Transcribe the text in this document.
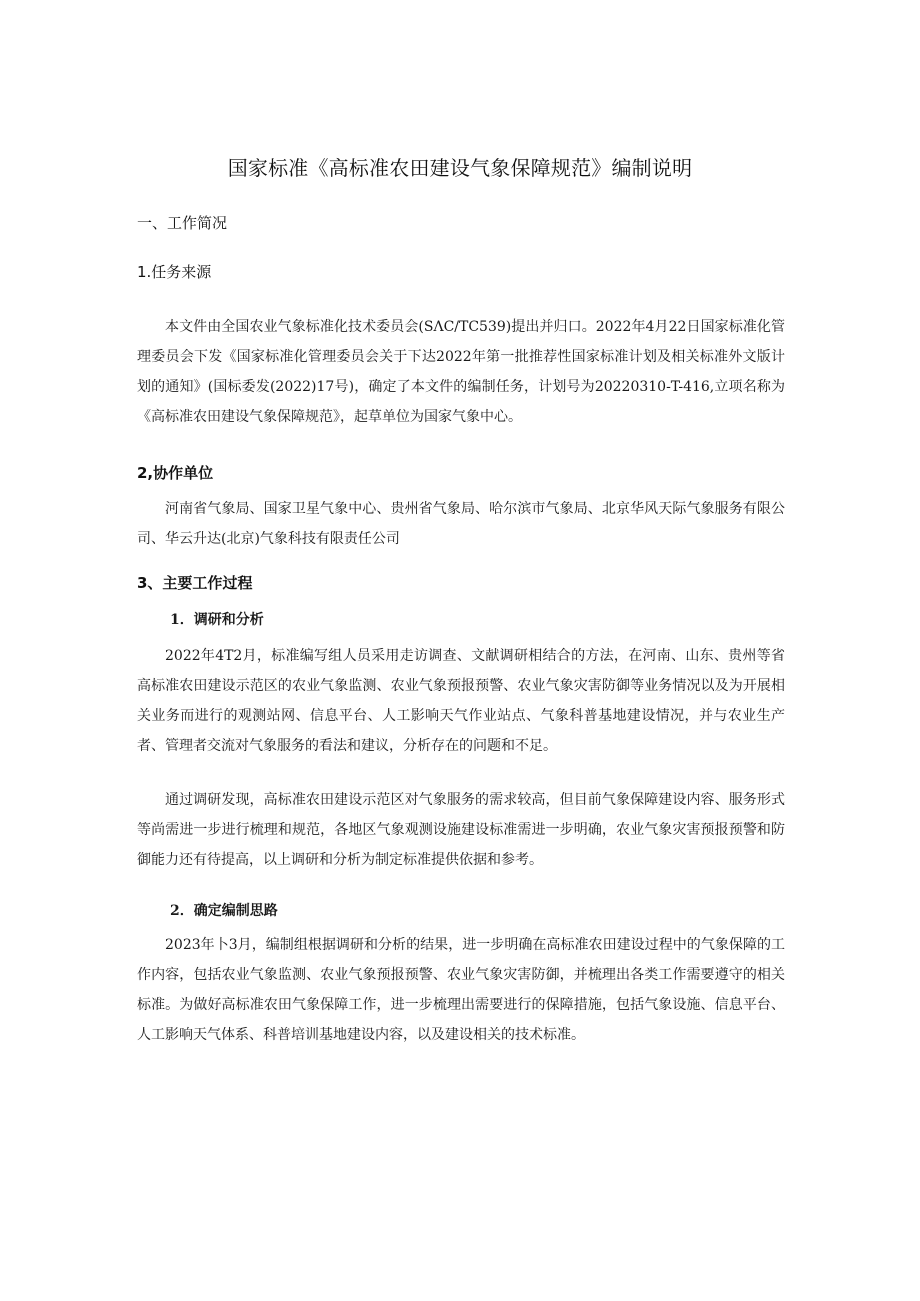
国家标准《高标准农田建设气象保障规范》编制说明
一、工作简况
1.任务来源

本文件由全国农业气象标准化技术委员会(SΛC/TC539)提出并归口。2022年4月22日国家标准化管理委员会下发《国家标准化管理委员会关于下达2022年第一批推荐性国家标准计划及相关标准外文版计划的通知》(国标委发(2022)17号)，确定了本文件的编制任务，计划号为20220310-T-416,立项名称为《高标准农田建设气象保障规范》，起草单位为国家气象中心。

2,协作单位

河南省气象局、国家卫星气象中心、贵州省气象局、哈尔滨市气象局、北京华风天际气象服务有限公司、华云升达(北京)气象科技有限责任公司

3、主要工作过程
1．调研和分析

2022年4T2月，标准编写组人员采用走访调查、文献调研相结合的方法，在河南、山东、贵州等省高标准农田建设示范区的农业气象监测、农业气象预报预警、农业气象灾害防御等业务情况以及为开展相关业务而进行的观测站网、信息平台、人工影响天气作业站点、气象科普基地建设情况，并与农业生产者、管理者交流对气象服务的看法和建议，分析存在的问题和不足。

通过调研发现，高标准农田建设示范区对气象服务的需求较高，但目前气象保障建设内容、服务形式等尚需进一步进行梳理和规范，各地区气象观测设施建设标准需进一步明确，农业气象灾害预报预警和防御能力还有待提高，以上调研和分析为制定标准提供依据和参考。

2．确定编制思路

2023年卜3月，编制组根据调研和分析的结果，进一步明确在高标准农田建设过程中的气象保障的工作内容，包括农业气象监测、农业气象预报预警、农业气象灾害防御，并梳理出各类工作需要遵守的相关标准。为做好高标准农田气象保障工作，进一步梳理出需要进行的保障措施，包括气象设施、信息平台、人工影响天气体系、科普培训基地建设内容，以及建设相关的技术标准。
